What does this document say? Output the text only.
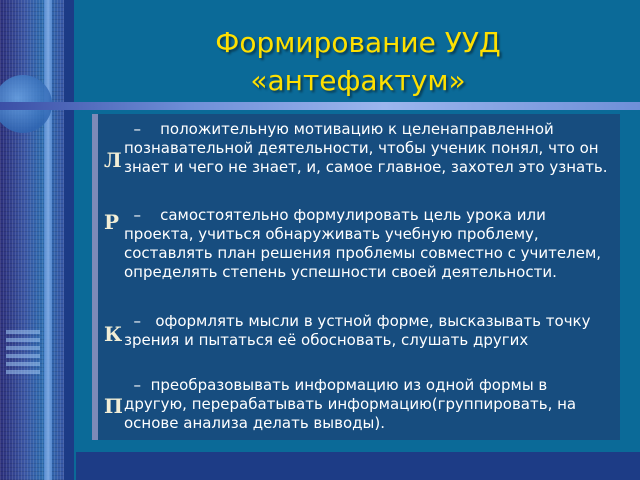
Формирование УУД
«антефактум»
Л

–    положительную мотивацию к целенаправленной познавательной деятельности, чтобы ученик понял, что он знает и чего не знает, и, самое главное, захотел это узнать.

Р –    самостоятельно формулировать цель урока или проекта, учиться обнаруживать учебную проблему, составлять план решения проблемы совместно с учителем, определять степень успешности своей деятельности.

К

–   оформлять мысли в устной форме, высказывать точку зрения и пытаться её обосновать, слушать других

П

–  преобразовывать информацию из одной формы в другую, перерабатывать информацию(группировать, на основе анализа делать выводы).
